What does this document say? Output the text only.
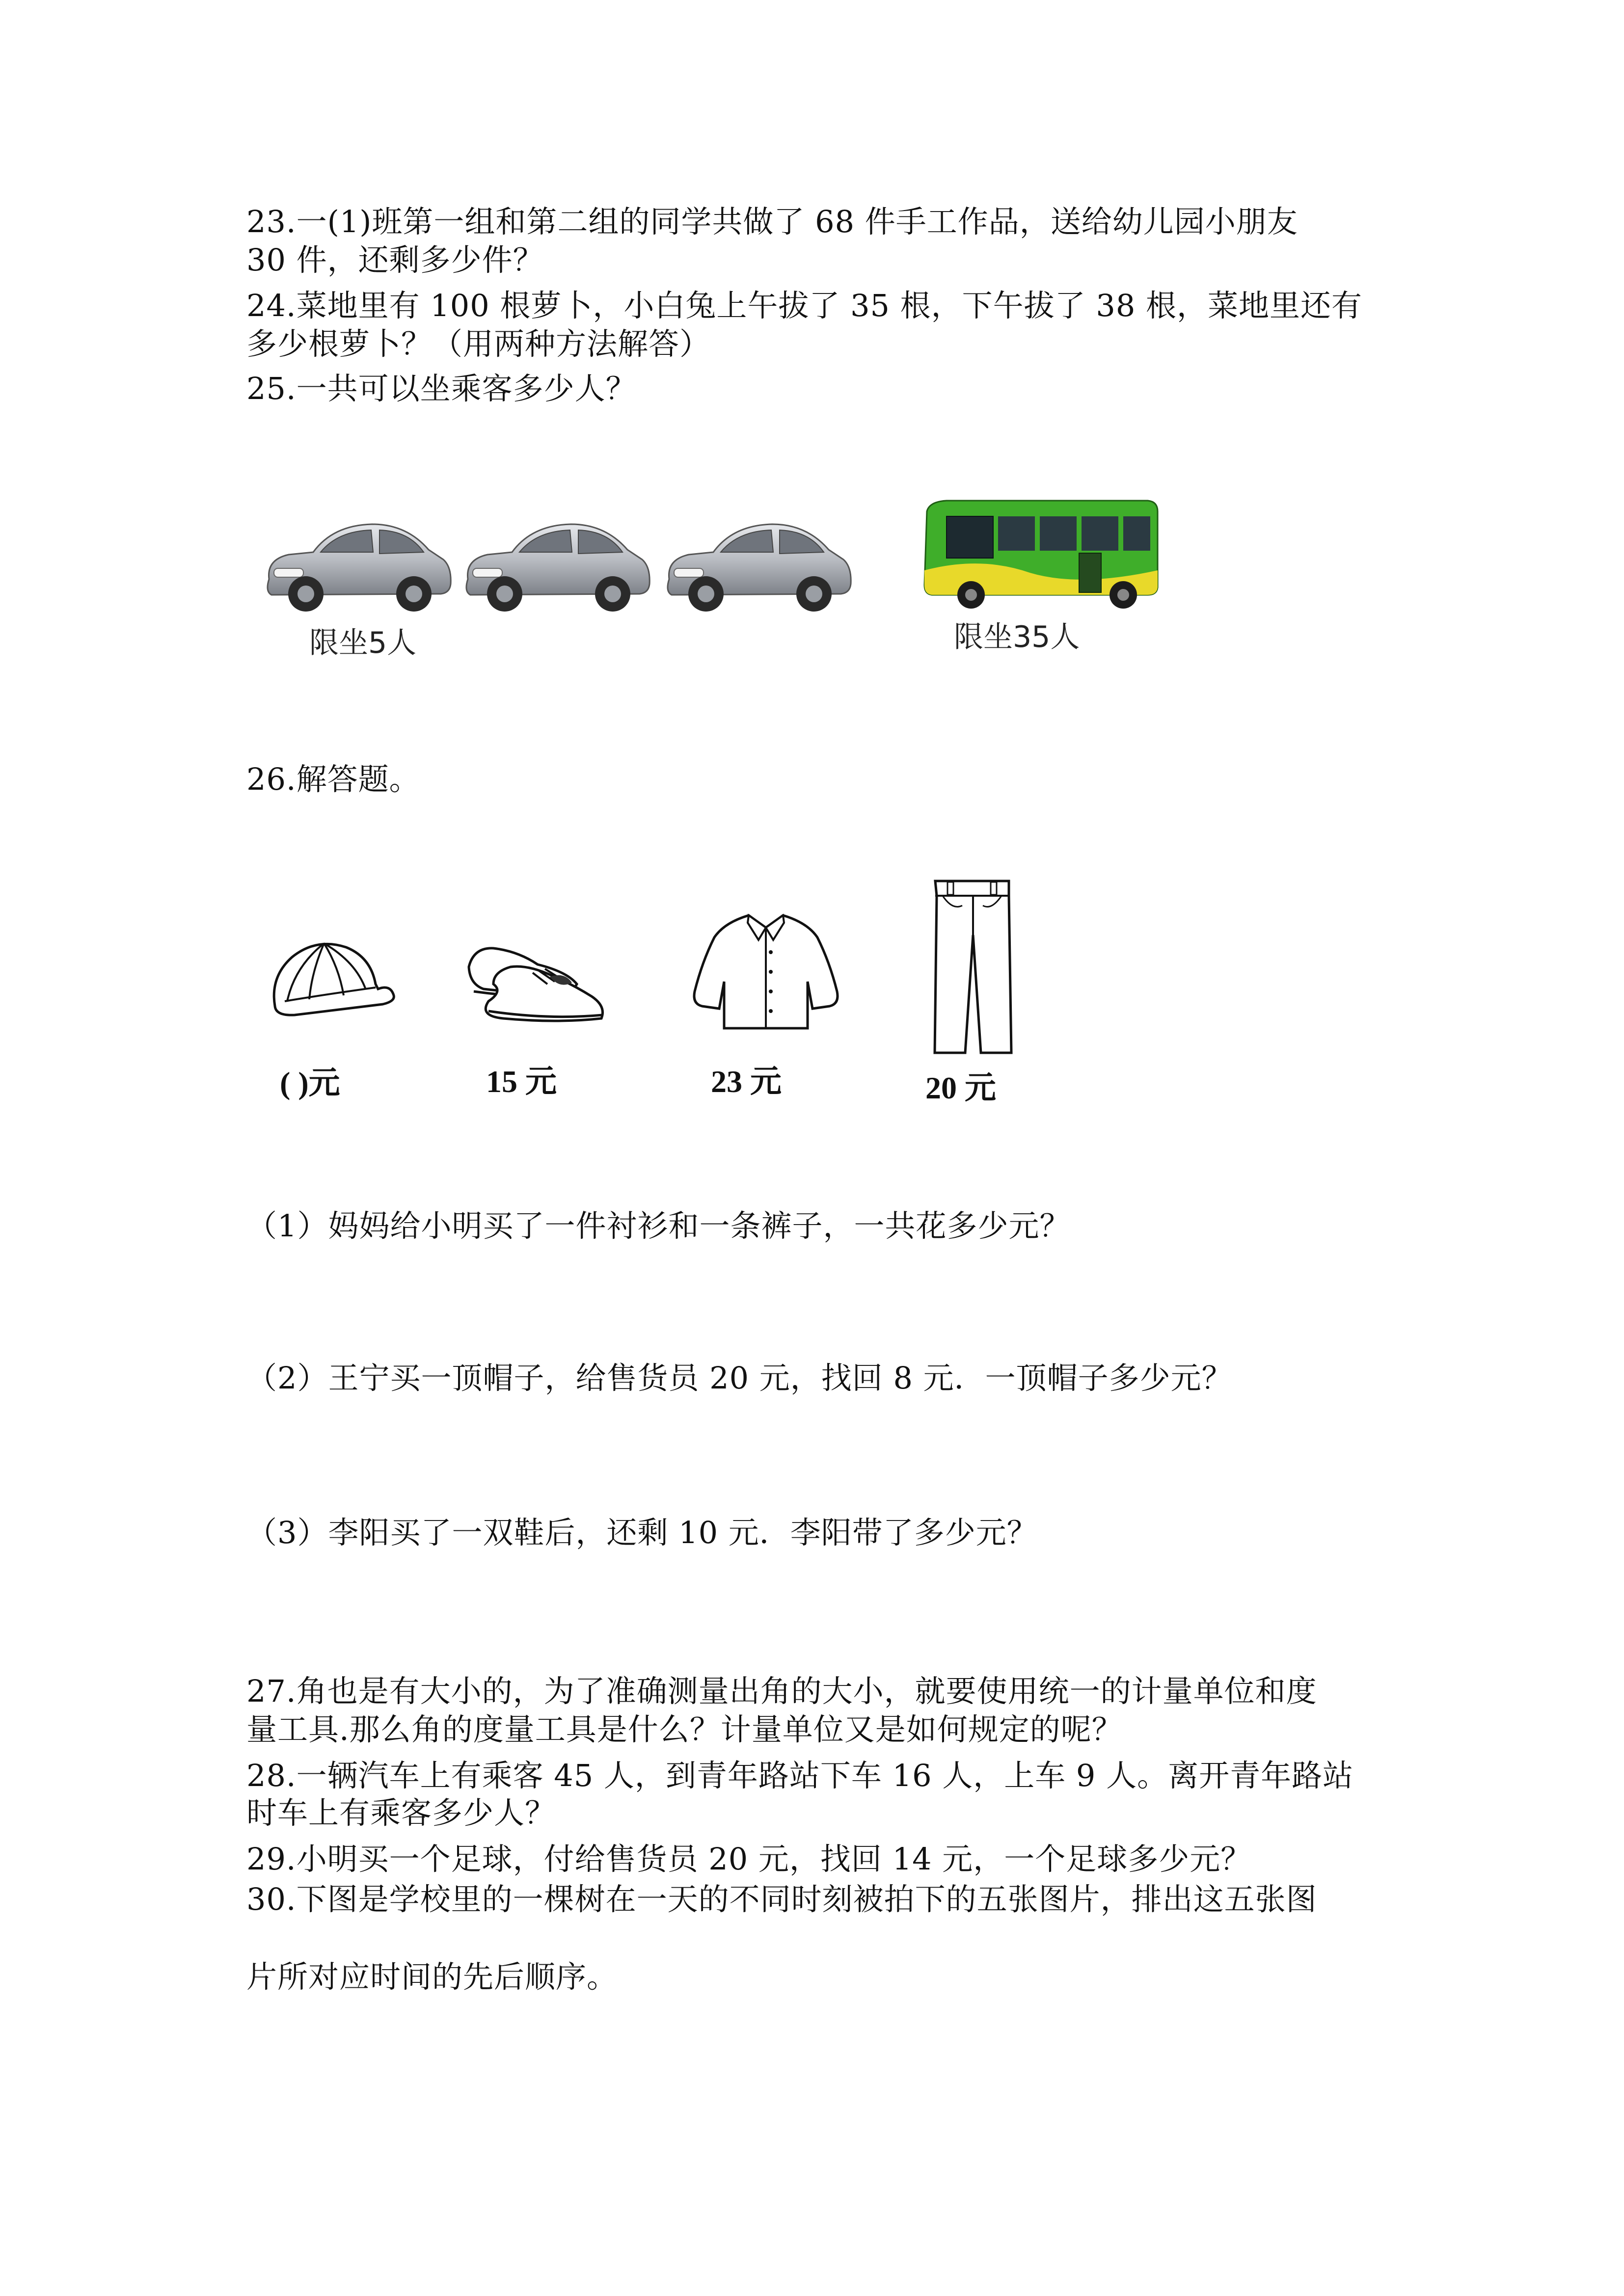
23.一(1)班第一组和第二组的同学共做了 68 件手工作品，送给幼儿园小朋友
30 件，还剩多少件？
24.菜地里有 100 根萝卜，小白兔上午拔了 35 根，下午拔了 38 根，菜地里还有
多少根萝卜？（用两种方法解答）
25.一共可以坐乘客多少人？
限坐5人	限坐35人
26.解答题。
( )元	15 元	23 元	20 元
（1）妈妈给小明买了一件衬衫和一条裤子，一共花多少元？
（2）王宁买一顶帽子，给售货员 20 元，找回 8 元．一顶帽子多少元？
（3）李阳买了一双鞋后，还剩 10 元．李阳带了多少元？
27.角也是有大小的，为了准确测量出角的大小，就要使用统一的计量单位和度
量工具.那么角的度量工具是什么？计量单位又是如何规定的呢？
28.一辆汽车上有乘客 45 人，到青年路站下车 16 人，上车 9 人。离开青年路站
时车上有乘客多少人？
29.小明买一个足球，付给售货员 20 元，找回 14 元，一个足球多少元？
30.下图是学校里的一棵树在一天的不同时刻被拍下的五张图片，排出这五张图
片所对应时间的先后顺序。
